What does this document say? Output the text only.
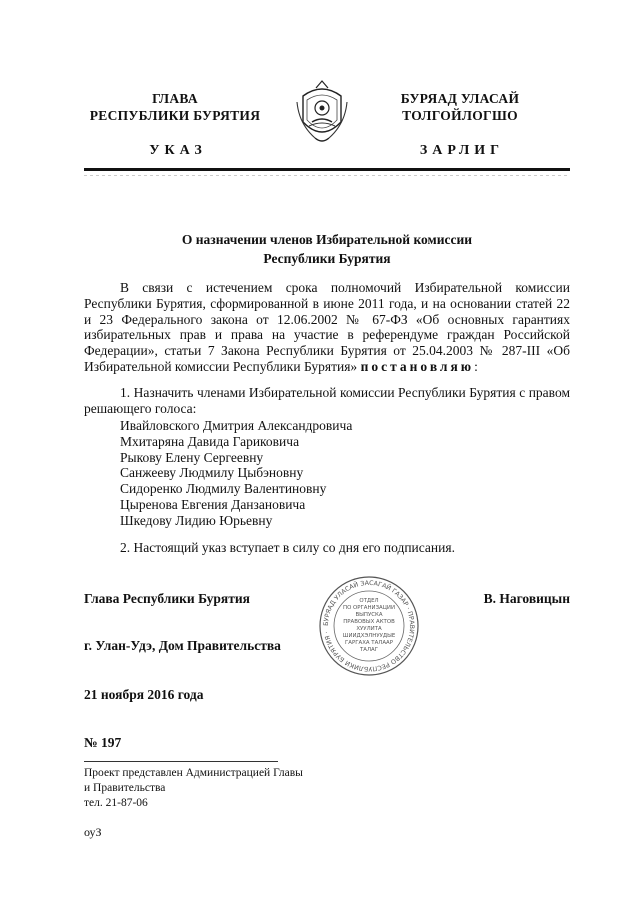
ГЛАВА
РЕСПУБЛИКИ БУРЯТИЯ
УКАЗ
БУРЯАД УЛАСАЙ
ТОЛГОЙЛОГШО
ЗАРЛИГ
О назначении членов Избирательной комиссии
Республики Бурятия
В связи с истечением срока полномочий Избирательной комиссии Республики Бурятия, сформированной в июне 2011 года, и на основании статей 22 и 23 Федерального закона от 12.06.2002 № 67-ФЗ «Об основных гарантиях избирательных прав и права на участие в референдуме граждан Российской Федерации», статьи 7 Закона Республики Бурятия от 25.04.2003 № 287-III «Об Избирательной комиссии Республики Бурятия» постановляю:
1. Назначить членами Избирательной комиссии Республики Бурятия с правом решающего голоса:
Ивайловского Дмитрия Александровича
Мхитаряна Давида Гариковича
Рыкову Елену Сергеевну
Санжееву Людмилу Цыбэновну
Сидоренко Людмилу Валентиновну
Цыренова Евгения Данзановича
Шкедову Лидию Юрьевну
2. Настоящий указ вступает в силу со дня его подписания.
Глава Республики Бурятия	В. Наговицын
г. Улан-Удэ, Дом Правительства
21 ноября 2016 года
№ 197
БУРЯАД УЛАСАЙ ЗАСАГАЙ ГАЗАР · ПРАВИТЕЛЬСТВО РЕСПУБЛИКИ БУРЯТИЯ ·
ОТДЕЛ
ПО ОРГАНИЗАЦИИ
ВЫПУСКА
ПРАВОВЫХ АКТОВ
ХУУЛИТА
ШИИДХЭЛНУУДЫЕ
ГАРГАХА ТАЛААР
ТАЛАГ
Проект представлен Администрацией Главы
и Правительства
тел. 21-87-06
оуЗ
